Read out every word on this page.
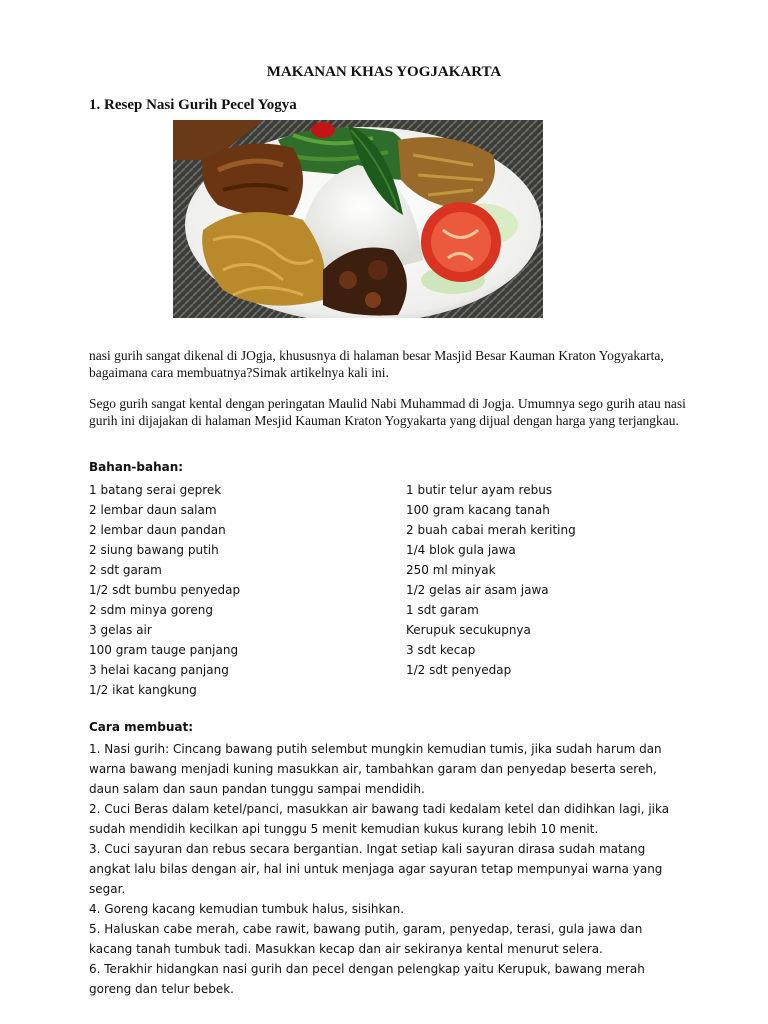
MAKANAN KHAS YOGJAKARTA
1. Resep Nasi Gurih Pecel Yogya
nasi gurih sangat dikenal di JOgja, khususnya di halaman besar Masjid Besar Kauman Kraton Yogyakarta, bagaimana cara membuatnya?Simak artikelnya kali ini.
Sego gurih sangat kental dengan peringatan Maulid Nabi Muhammad di Jogja. Umumnya sego gurih atau nasi gurih ini dijajakan di halaman Mesjid Kauman Kraton Yogyakarta yang dijual dengan harga yang terjangkau.
Bahan-bahan:
1 batang serai geprek
2 lembar daun salam
2 lembar daun pandan
2 siung bawang putih
2 sdt garam
1/2 sdt bumbu penyedap
2 sdm minya goreng
3 gelas air
100 gram tauge panjang
3 helai kacang panjang
1/2 ikat kangkung
1 butir telur ayam rebus
100 gram kacang tanah
2 buah cabai merah keriting
1/4 blok gula jawa
250 ml minyak
1/2 gelas air asam jawa
1 sdt garam
Kerupuk secukupnya
3 sdt kecap
1/2 sdt penyedap
Cara membuat:

1. Nasi gurih: Cincang bawang putih selembut mungkin kemudian tumis, jika sudah harum dan warna bawang menjadi kuning masukkan air, tambahkan garam dan penyedap beserta sereh, daun salam dan saun pandan tunggu sampai mendidih.

2. Cuci Beras dalam ketel/panci, masukkan air bawang tadi kedalam ketel dan didihkan lagi, jika sudah mendidih kecilkan api tunggu 5 menit kemudian kukus kurang lebih 10 menit.

3. Cuci sayuran dan rebus secara bergantian. Ingat setiap kali sayuran dirasa sudah matang angkat lalu bilas dengan air, hal ini untuk menjaga agar sayuran tetap mempunyai warna yang segar.

4. Goreng kacang kemudian tumbuk halus, sisihkan.

5. Haluskan cabe merah, cabe rawit, bawang putih, garam, penyedap, terasi, gula jawa dan kacang tanah tumbuk tadi. Masukkan kecap dan air sekiranya kental menurut selera.

6. Terakhir hidangkan nasi gurih dan pecel dengan pelengkap yaitu Kerupuk, bawang merah goreng dan telur bebek.
